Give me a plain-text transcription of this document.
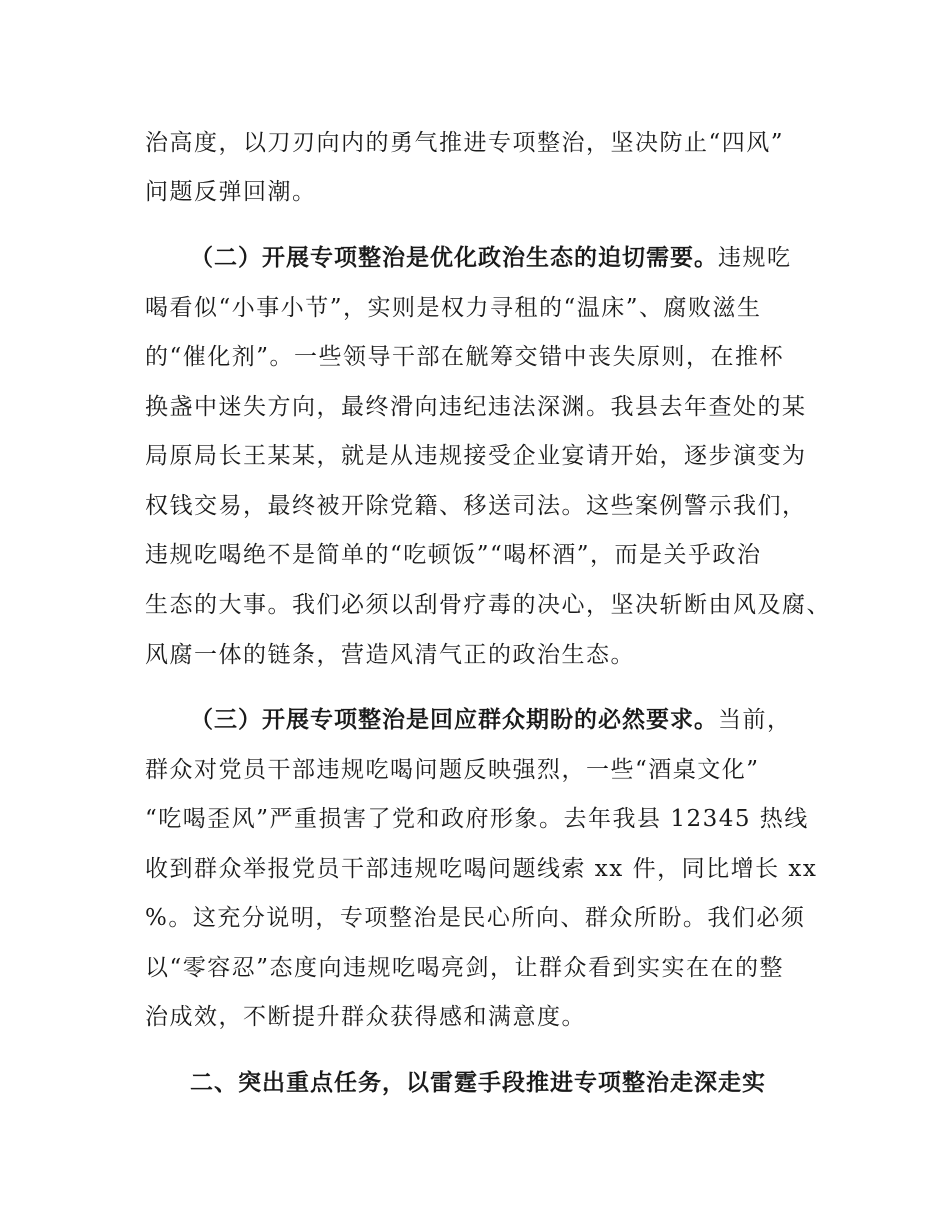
治高度，以刀刃向内的勇气推进专项整治，坚决防止“四风”
问题反弹回潮。
（二）开展专项整治是优化政治生态的迫切需要。违规吃
喝看似“小事小节”，实则是权力寻租的“温床”、腐败滋生
的“催化剂”。一些领导干部在觥筹交错中丧失原则，在推杯
换盏中迷失方向，最终滑向违纪违法深渊。我县去年查处的某
局原局长王某某，就是从违规接受企业宴请开始，逐步演变为
权钱交易，最终被开除党籍、移送司法。这些案例警示我们，
违规吃喝绝不是简单的“吃顿饭”“喝杯酒”，而是关乎政治
生态的大事。我们必须以刮骨疗毒的决心，坚决斩断由风及腐、
风腐一体的链条，营造风清气正的政治生态。
（三）开展专项整治是回应群众期盼的必然要求。当前，
群众对党员干部违规吃喝问题反映强烈，一些“酒桌文化”
“吃喝歪风”严重损害了党和政府形象。去年我县 12345 热线
收到群众举报党员干部违规吃喝问题线索 xx 件，同比增长 xx
%。这充分说明，专项整治是民心所向、群众所盼。我们必须
以“零容忍”态度向违规吃喝亮剑，让群众看到实实在在的整
治成效，不断提升群众获得感和满意度。
二、突出重点任务，以雷霆手段推进专项整治走深走实
